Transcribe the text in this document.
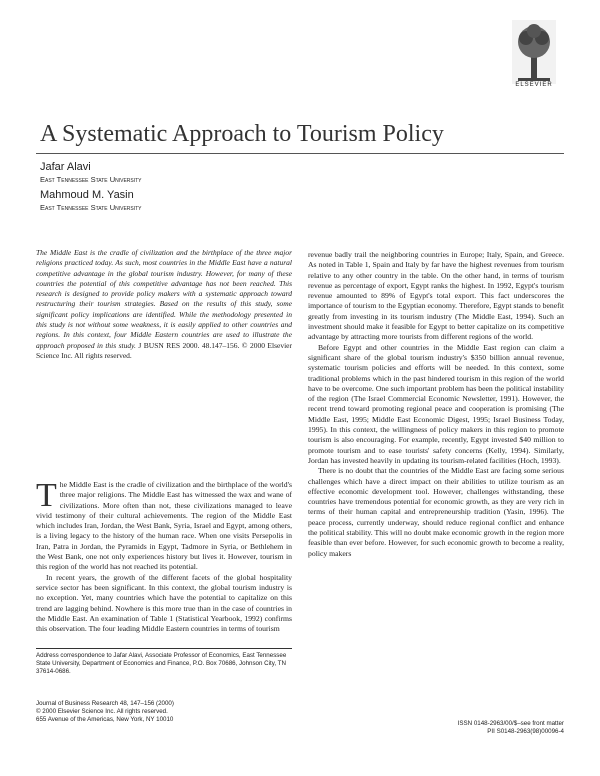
ELSEVIER
A Systematic Approach to Tourism Policy
Jafar Alavi
East Tennessee State University
Mahmoud M. Yasin
East Tennessee State University
The Middle East is the cradle of civilization and the birthplace of the three major religions practiced today. As such, most countries in the Middle East have a natural competitive advantage in the global tourism industry. However, for many of these countries the potential of this competitive advantage has not been reached. This research is designed to provide policy makers with a systematic approach toward restructuring their tourism strategies. Based on the results of this study, some significant policy implications are identified. While the methodology presented in this study is not without some weakness, it is easily applied to other countries and regions. In this context, four Middle Eastern countries are used to illustrate the approach proposed in this study. J BUSN RES 2000. 48.147–156. © 2000 Elsevier Science Inc. All rights reserved.

The Middle East is the cradle of civilization and the birthplace of the world's three major religions. The Middle East has witnessed the wax and wane of civilizations. More often than not, these civilizations managed to leave vivid testimony of their cultural achievements. The region of the Middle East which includes Iran, Jordan, the West Bank, Syria, Israel and Egypt, among others, is a living legacy to the history of the human race. When one visits Persepolis in Iran, Patra in Jordan, the Pyramids in Egypt, Tadmore in Syria, or Bethlehem in the West Bank, one not only experiences history but lives it. However, tourism in this region of the world has not reached its potential.

In recent years, the growth of the different facets of the global hospitality service sector has been significant. In this context, the global tourism industry is no exception. Yet, many countries which have the potential to capitalize on this trend are lagging behind. Nowhere is this more true than in the case of countries in the Middle East. An examination of Table 1 (Statistical Yearbook, 1992) confirms this observation. The four leading Middle Eastern countries in terms of tourism

revenue badly trail the neighboring countries in Europe; Italy, Spain, and Greece. As noted in Table 1, Spain and Italy by far have the highest revenues from tourism relative to any other country in the table. On the other hand, in terms of tourism revenue as percentage of export, Egypt ranks the highest. In 1992, Egypt's tourism revenue amounted to 89% of Egypt's total export. This fact underscores the importance of tourism to the Egyptian economy. Therefore, Egypt stands to benefit greatly from investing in its tourism industry (The Middle East, 1994). Such an investment should make it feasible for Egypt to better capitalize on its competitive advantage by attracting more tourists from different regions of the world.

Before Egypt and other countries in the Middle East region can claim a significant share of the global tourism industry's $350 billion annual revenue, systematic tourism policies and efforts will be needed. In this context, some traditional problems which in the past hindered tourism in this region of the world have to be overcome. One such important problem has been the political instability of the region (The Israel Commercial Economic Newsletter, 1991). However, the recent trend toward promoting regional peace and cooperation is promising (The Middle East, 1995; Middle East Economic Digest, 1995; Israel Business Today, 1995). In this context, the willingness of policy makers in this region to promote tourism is also encouraging. For example, recently, Egypt invested $40 million to promote tourism and to ease tourists' safety concerns (Kelly, 1994). Similarly, Jordan has invested heavily in updating its tourism-related facilities (Hoch, 1993).

There is no doubt that the countries of the Middle East are facing some serious challenges which have a direct impact on their abilities to utilize tourism as an effective economic development tool. However, challenges withstanding, these countries have tremendous potential for economic growth, as they are very rich in terms of their human capital and entrepreneurship tradition (Yasin, 1996). The peace process, currently underway, should reduce regional conflict and enhance the political stability. This will no doubt make economic growth in the region more feasible than ever before. However, for such economic growth to become a reality, policy makers

Address correspondence to Jafar Alavi, Associate Professor of Economics, East Tennessee State University, Department of Economics and Finance, P.O. Box 70686, Johnson City, TN 37614-0686.
Journal of Business Research 48, 147–156 (2000)
© 2000 Elsevier Science Inc. All rights reserved.
655 Avenue of the Americas, New York, NY 10010
ISSN 0148-2963/00/$–see front matter
PII S0148-2963(98)00096-4
